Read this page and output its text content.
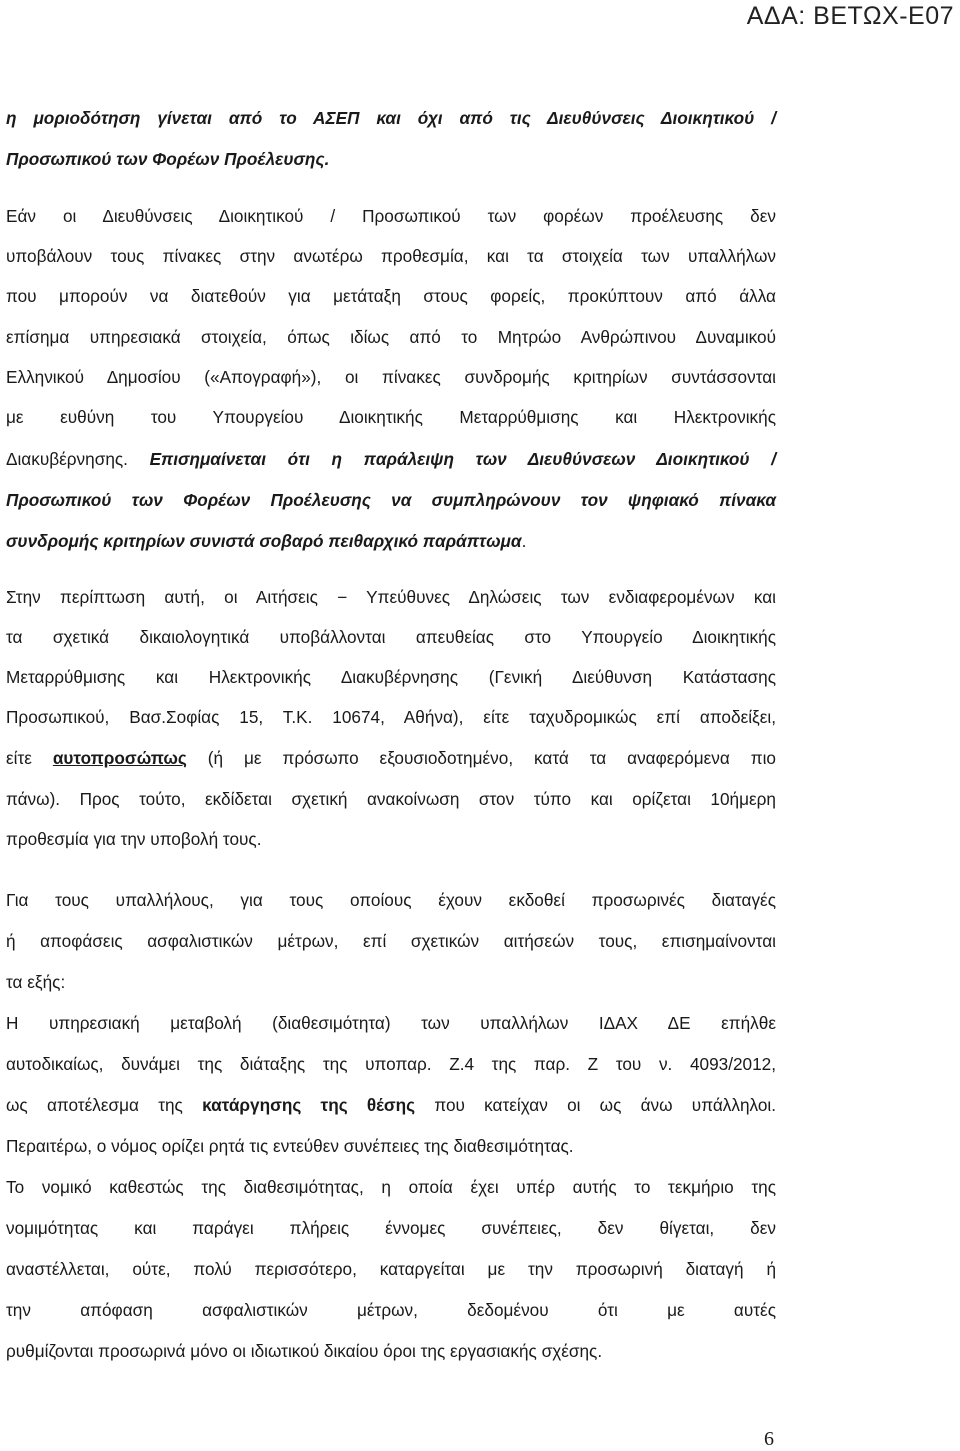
ΑΔΑ: ΒΕΤΩΧ-Ε07
η μοριοδότηση γίνεται από το ΑΣΕΠ και όχι από τις Διευθύνσεις Διοικητικού /
Προσωπικού των Φορέων Προέλευσης.
Εάν οι Διευθύνσεις Διοικητικού / Προσωπικού των φορέων προέλευσης δεν
υποβάλουν τους πίνακες στην ανωτέρω προθεσμία, και τα στοιχεία των υπαλλήλων
που μπορούν να διατεθούν για μετάταξη στους φορείς, προκύπτουν από άλλα
επίσημα υπηρεσιακά στοιχεία, όπως ιδίως από το Μητρώο Ανθρώπινου Δυναμικού
Ελληνικού Δημοσίου («Απογραφή»), οι πίνακες συνδρομής κριτηρίων συντάσσονται
με ευθύνη του Υπουργείου Διοικητικής Μεταρρύθμισης και Ηλεκτρονικής
Διακυβέρνησης. Επισημαίνεται ότι η παράλειψη των Διευθύνσεων Διοικητικού /
Προσωπικού των Φορέων Προέλευσης να συμπληρώνουν τον ψηφιακό πίνακα
συνδρομής κριτηρίων συνιστά σοβαρό πειθαρχικό παράπτωμα.
Στην περίπτωση αυτή, οι Αιτήσεις − Υπεύθυνες Δηλώσεις των ενδιαφερομένων και
τα σχετικά δικαιολογητικά υποβάλλονται απευθείας στο Υπουργείο Διοικητικής
Μεταρρύθμισης και Ηλεκτρονικής Διακυβέρνησης (Γενική Διεύθυνση Κατάστασης
Προσωπικού, Βασ.Σοφίας 15, Τ.Κ. 10674, Αθήνα), είτε ταχυδρομικώς επί αποδείξει,
είτε αυτοπροσώπως (ή με πρόσωπο εξουσιοδοτημένο, κατά τα αναφερόμενα πιο
πάνω). Προς τούτο, εκδίδεται σχετική ανακοίνωση στον τύπο και ορίζεται 10ήμερη
προθεσμία για την υποβολή τους.
Για τους υπαλλήλους, για τους οποίους έχουν εκδοθεί προσωρινές διαταγές
ή αποφάσεις ασφαλιστικών μέτρων, επί σχετικών αιτήσεών τους, επισημαίνονται
τα εξής:
Η υπηρεσιακή μεταβολή (διαθεσιμότητα) των υπαλλήλων ΙΔΑΧ ΔΕ επήλθε
αυτοδικαίως, δυνάμει της διάταξης της υποπαρ. Ζ.4 της παρ. Ζ του ν. 4093/2012,
ως αποτέλεσμα της κατάργησης της θέσης που κατείχαν οι ως άνω υπάλληλοι.
Περαιτέρω, ο νόμος ορίζει ρητά τις εντεύθεν συνέπειες της διαθεσιμότητας.
Το νομικό καθεστώς της διαθεσιμότητας, η οποία έχει υπέρ αυτής το τεκμήριο της
νομιμότητας και παράγει πλήρεις έννομες συνέπειες, δεν θίγεται, δεν
αναστέλλεται, ούτε, πολύ περισσότερο, καταργείται με την προσωρινή διαταγή ή
την απόφαση ασφαλιστικών μέτρων, δεδομένου ότι με αυτές
ρυθμίζονται προσωρινά μόνο οι ιδιωτικού δικαίου όροι της εργασιακής σχέσης.
6
